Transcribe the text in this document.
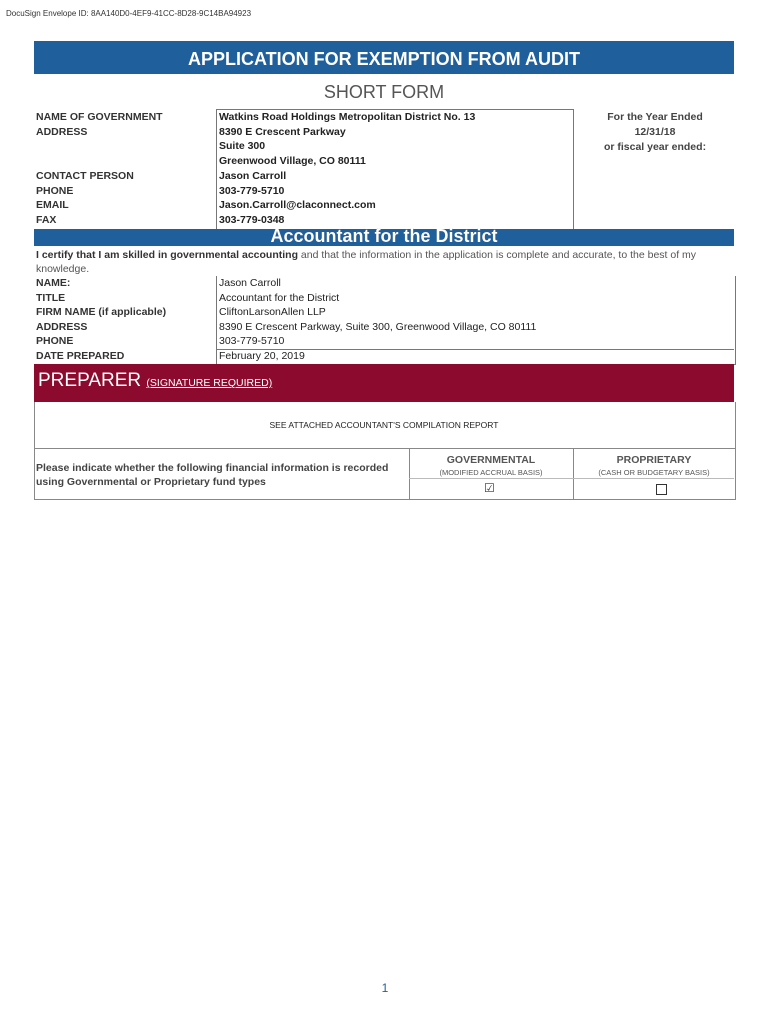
DocuSign Envelope ID: 8AA140D0-4EF9-41CC-8D28-9C14BA94923
APPLICATION FOR EXEMPTION FROM AUDIT
SHORT FORM
NAME OF GOVERNMENT
ADDRESS
CONTACT PERSON
PHONE
EMAIL
FAX
Watkins Road Holdings Metropolitan District No. 13
8390 E Crescent Parkway
Suite 300
Greenwood Village, CO 80111
Jason Carroll
303-779-5710
Jason.Carroll@claconnect.com
303-779-0348
For the Year Ended
12/31/18
or fiscal year ended:
Accountant for the District
I certify that I am skilled in governmental accounting and that the information in the application is complete and accurate, to the best of my knowledge.
NAME:
TITLE
FIRM NAME (if applicable)
ADDRESS
PHONE
DATE PREPARED
Jason Carroll
Accountant for the District
CliftonLarsonAllen LLP
8390 E Crescent Parkway, Suite 300, Greenwood Village, CO 80111
303-779-5710
February 20, 2019
PREPARER (SIGNATURE REQUIRED)
SEE ATTACHED ACCOUNTANT'S COMPILATION REPORT
Please indicate whether the following financial information is recorded using Governmental or Proprietary fund types
GOVERNMENTAL
(MODIFIED ACCRUAL BASIS)
PROPRIETARY
(CASH OR BUDGETARY BASIS)
☑
1
